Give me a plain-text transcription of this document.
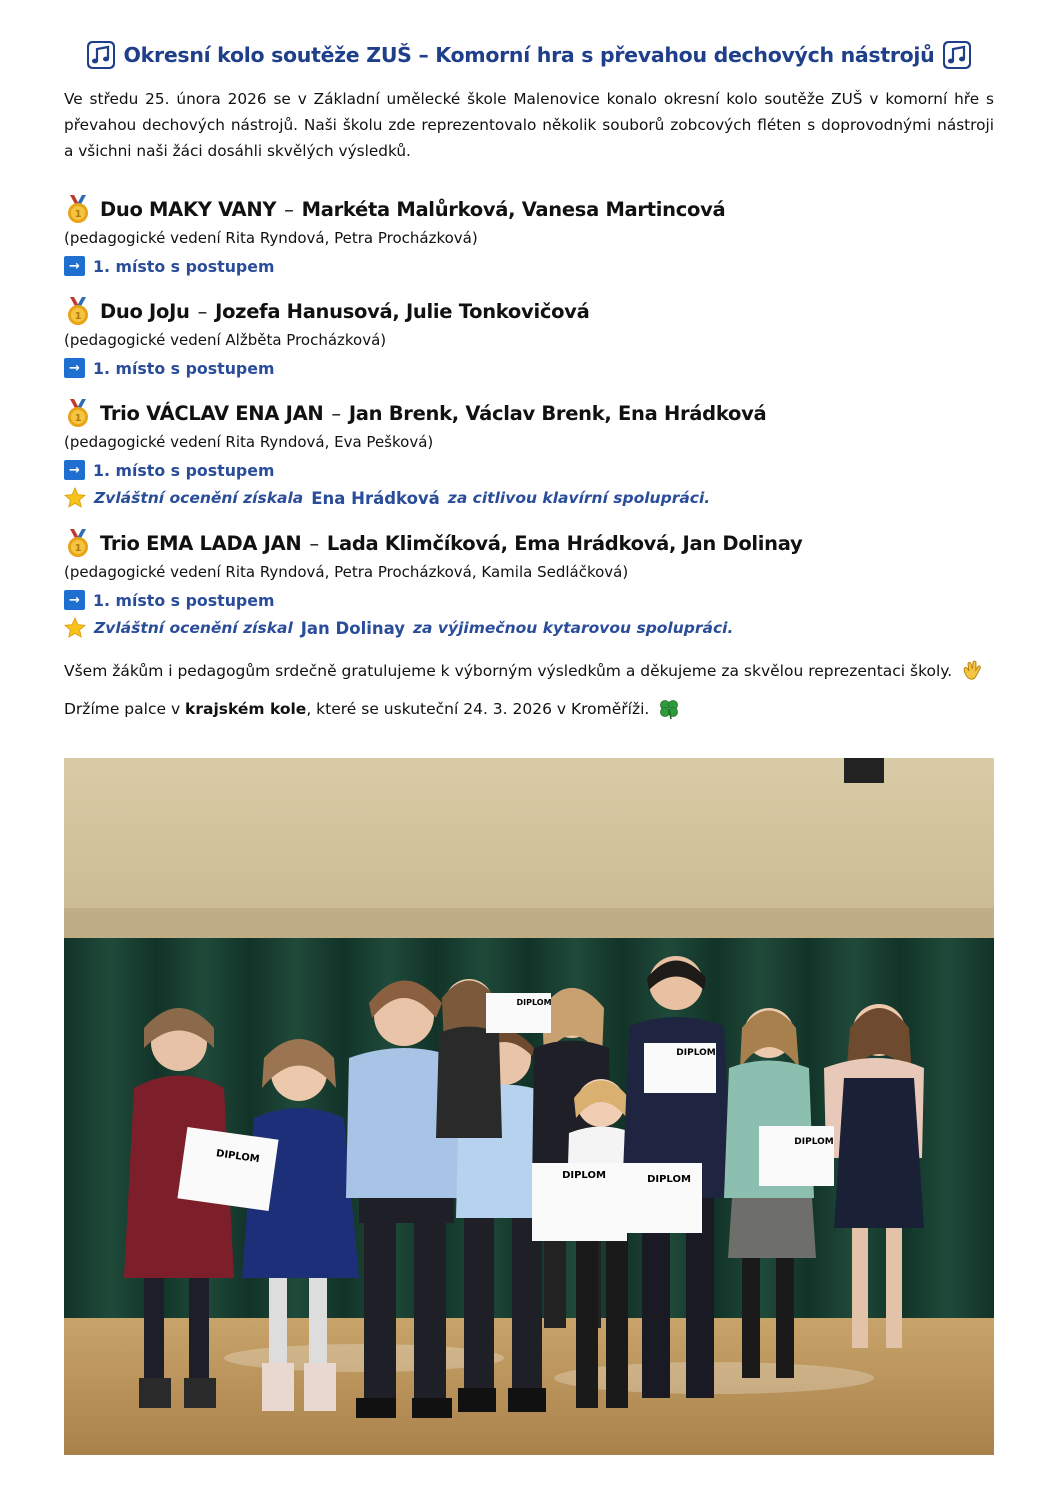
Okresní kolo soutěže ZUŠ – Komorní hra s převahou dechových nástrojů

Ve středu 25. února 2026 se v Základní umělecké škole Malenovice konalo okresní kolo soutěže ZUŠ v komorní hře s převahou dechových nástrojů. Naši školu zde reprezentovalo několik souborů zobcových fléten s doprovodnými nástroji a všichni naši žáci dosáhli skvělých výsledků.

1 Duo MAKY VANY – Markéta Malůrková, Vanesa Martincová

(pedagogické vedení Rita Ryndová, Petra Procházková)

→ 1. místo s postupem
1 Duo JoJu – Jozefa Hanusová, Julie Tonkovičová

(pedagogické vedení Alžběta Procházková)

→ 1. místo s postupem
1 Trio VÁCLAV ENA JAN – Jan Brenk, Václav Brenk, Ena Hrádková

(pedagogické vedení Rita Ryndová, Eva Pešková)

→ 1. místo s postupem
Zvláštní ocenění získala Ena Hrádková za citlivou klavírní spolupráci.
1 Trio EMA LADA JAN – Lada Klimčíková, Ema Hrádková, Jan Dolinay

(pedagogické vedení Rita Ryndová, Petra Procházková, Kamila Sedláčková)

→ 1. místo s postupem
Zvláštní ocenění získal Jan Dolinay za výjimečnou kytarovou spolupráci.

Všem žákům i pedagogům srdečně gratulujeme k výborným výsledkům a děkujeme za skvělou reprezentaci školy.

Držíme palce v krajském kole, které se uskuteční 24. 3. 2026 v Kroměříži.

DIPLOM
DIPLOM	DIPLOM
DIPLOM
DIPLOM
DIPLOM
